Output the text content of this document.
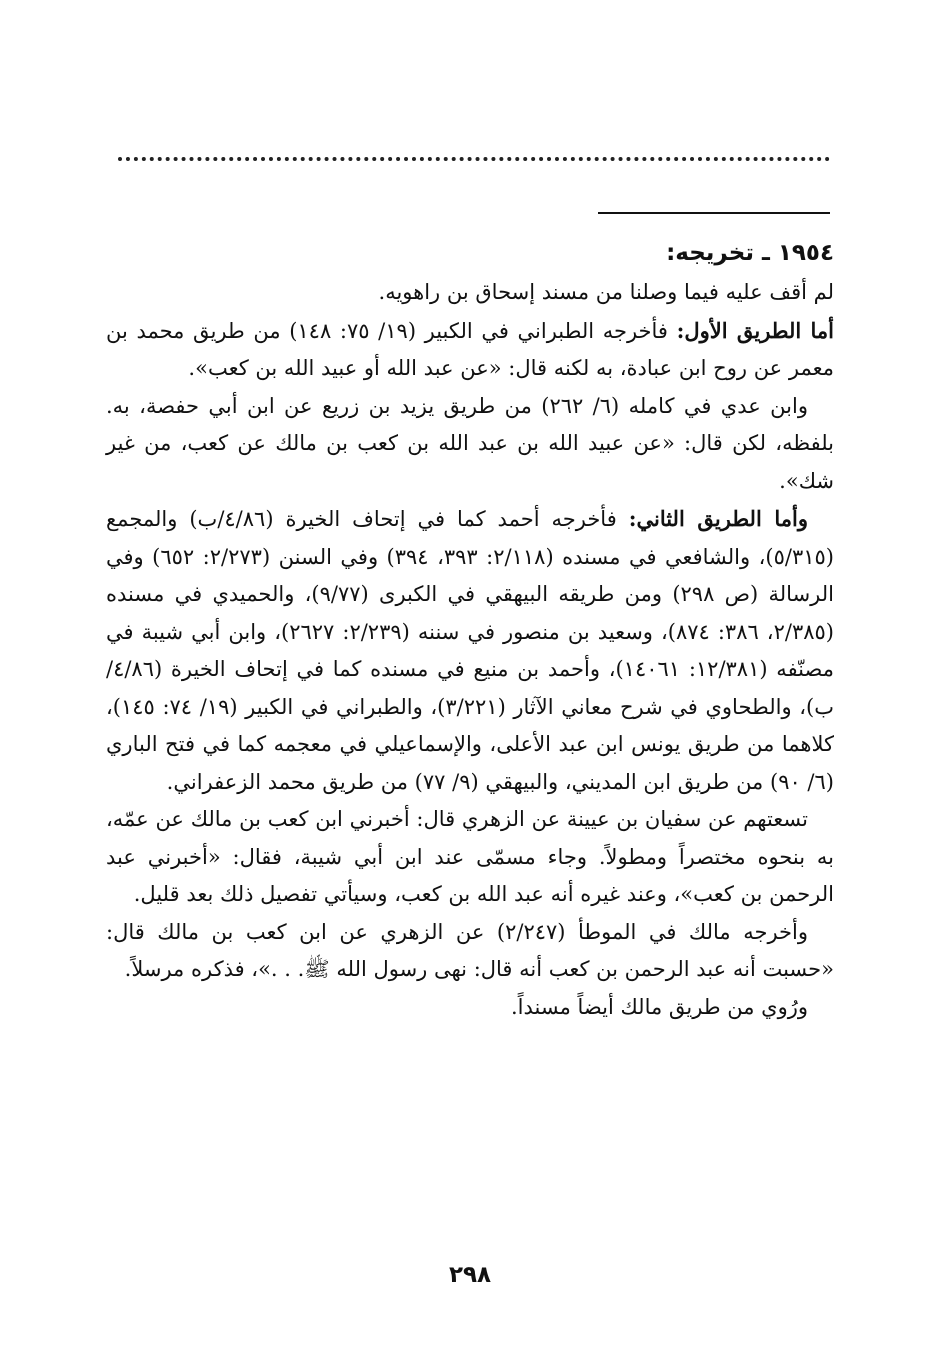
١٩٥٤ ـ تخريجه:

لم أقف عليه فيما وصلنا من مسند إسحاق بن راهويه.

أما الطريق الأول: فأخرجه الطبراني في الكبير (١٩/ ٧٥: ١٤٨) من طريق محمد بن معمر عن روح ابن عبادة، به لكنه قال: «عن عبد الله أو عبيد الله بن كعب».

وابن عدي في كامله (٦/ ٢٦٢) من طريق يزيد بن زريع عن ابن أبي حفصة، به. بلفظه، لكن قال: «عن عبيد الله بن عبد الله بن كعب بن مالك عن كعب، من غير شك».

وأما الطريق الثاني: فأخرجه أحمد كما في إتحاف الخيرة (٤/٨٦/ب) والمجمع (٥/٣١٥)، والشافعي في مسنده (٢/١١٨: ٣٩٣، ٣٩٤) وفي السنن (٢/٢٧٣: ٦٥٢) وفي الرسالة (ص ٢٩٨) ومن طريقه البيهقي في الكبرى (٩/٧٧)، والحميدي في مسنده (٢/٣٨٥، ٣٨٦: ٨٧٤)، وسعيد بن منصور في سننه (٢/٢٣٩: ٢٦٢٧)، وابن أبي شيبة في مصنّفه (١٢/٣٨١: ١٤٠٦١)، وأحمد بن منيع في مسنده كما في إتحاف الخيرة (٤/٨٦/ب)، والطحاوي في شرح معاني الآثار (٣/٢٢١)، والطبراني في الكبير (١٩/ ٧٤: ١٤٥)، كلاهما من طريق يونس ابن عبد الأعلى، والإسماعيلي في معجمه كما في فتح الباري (٦/ ٩٠) من طريق ابن المديني، والبيهقي (٩/ ٧٧) من طريق محمد الزعفراني.

تسعتهم عن سفيان بن عيينة عن الزهري قال: أخبرني ابن كعب بن مالك عن عمّه، به بنحوه مختصراً ومطولاً. وجاء مسمّى عند ابن أبي شيبة، فقال: «أخبرني عبد الرحمن بن كعب»، وعند غيره أنه عبد الله بن كعب، وسيأتي تفصيل ذلك بعد قليل.

وأخرجه مالك في الموطأ (٢/٢٤٧) عن الزهري عن ابن كعب بن مالك قال: «حسبت أنه عبد الرحمن بن كعب أنه قال: نهى رسول الله ﷺ. . .»، فذكره مرسلاً.

ورُوي من طريق مالك أيضاً مسنداً.

٢٩٨
